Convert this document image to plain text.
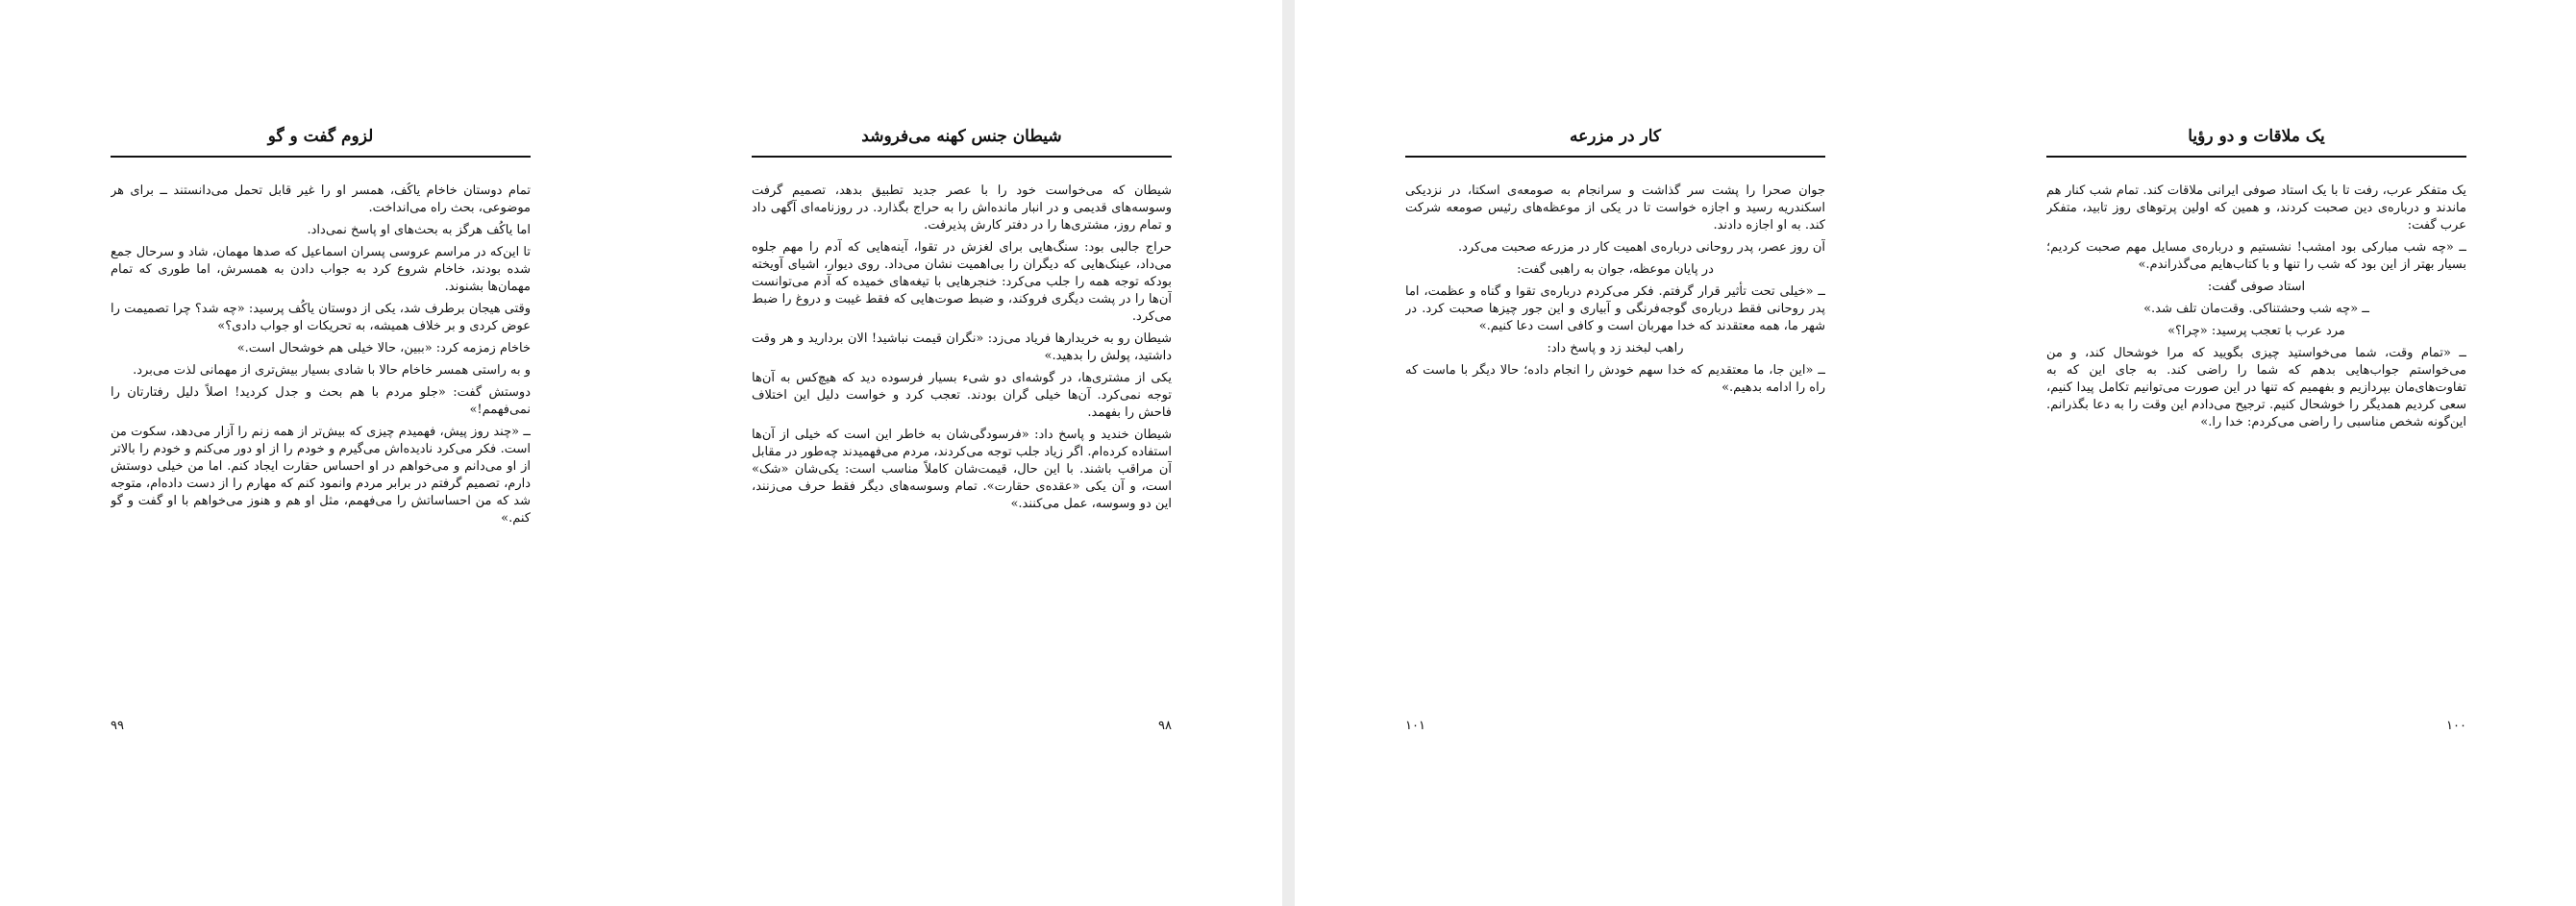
لزوم گفت و گو

تمام دوستان خاخام یاکُف، همسر او را غیر قابل تحمل می‌دانستند ــ برای هر موضوعی، بحث راه می‌انداخت.

اما یاکُف هرگز به بحث‌های او پاسخ نمی‌داد.

تا این‌که در مراسم عروسی پسران اسماعیل که صدها مهمان، شاد و سرحال جمع شده بودند، خاخام شروع کرد به جواب دادن به همسرش، اما طوری که تمام مهمان‌ها بشنوند.

وقتی هیجان برطرف شد، یکی از دوستان یاکُف پرسید: «چه شد؟ چرا تصمیمت را عوض کردی و بر خلاف همیشه، به تحریکات او جواب دادی؟»

خاخام زمزمه کرد: «ببین، حالا خیلی هم خوشحال است.»

و به راستی همسر خاخام حالا با شادی بسیار بیش‌تری از مهمانی لذت می‌برد.

دوستش گفت: «جلو مردم با هم بحث و جدل کردید! اصلاً دلیل رفتارتان را نمی‌فهمم!»

ــ «چند روز پیش، فهمیدم چیزی که بیش‌تر از همه زنم را آزار می‌دهد، سکوت من است. فکر می‌کرد نادیده‌اش می‌گیرم و خودم را از او دور می‌کنم و خودم را بالاتر از او می‌دانم و می‌خواهم در او احساس حقارت ایجاد کنم. اما من خیلی دوستش دارم، تصمیم گرفتم در برابر مردم وانمود کنم که مهارم را از دست داده‌ام، متوجه شد که من احساساتش را می‌فهمم، مثل او هم و هنوز می‌خواهم با او گفت و گو کنم.»

۹۹
شیطان جنس کهنه می‌فروشد

شیطان که می‌خواست خود را با عصر جدید تطبیق بدهد، تصمیم گرفت وسوسه‌های قدیمی و در انبار مانده‌اش را به حراج بگذارد. در روزنامه‌ای آگهی داد و تمام روز، مشتری‌ها را در دفتر کارش پذیرفت.

حراج جالبی بود: سنگ‌هایی برای لغزش در تقوا، آینه‌هایی که آدم را مهم جلوه می‌داد، عینک‌هایی که دیگران را بی‌اهمیت نشان می‌داد. روی دیوار، اشیای آویخته بودکه توجه همه را جلب می‌کرد: خنجرهایی با تیغه‌های خمیده که آدم می‌توانست آن‌ها را در پشت دیگری فروکند، و ضبط صوت‌هایی که فقط غیبت و دروغ را ضبط می‌کرد.

شیطان رو به خریدارها فریاد می‌زد: «نگران قیمت نباشید! الان بردارید و هر وقت داشتید، پولش را بدهید.»

یکی از مشتری‌ها، در گوشه‌ای دو شیء بسیار فرسوده دید که هیچ‌کس به آن‌ها توجه نمی‌کرد. آن‌ها خیلی گران بودند. تعجب کرد و خواست دلیل این اختلاف فاحش را بفهمد.

شیطان خندید و پاسخ داد: «فرسودگی‌شان به خاطر این است که خیلی از آن‌ها استفاده کرده‌ام. اگر زیاد جلب توجه می‌کردند، مردم می‌فهمیدند چه‌طور در مقابل آن مراقب باشند. با این حال، قیمت‌شان کاملاً مناسب است: یکی‌شان «شک» است، و آن یکی «عقده‌ی حقارت». تمام وسوسه‌های دیگر فقط حرف می‌زنند، این دو وسوسه، عمل می‌کنند.»

۹۸
کار در مزرعه

جوان صحرا را پشت سر گذاشت و سرانجام به صومعه‌ی اسکتا، در نزدیکی اسکندریه رسید و اجازه خواست تا در یکی از موعظه‌های رئیس صومعه شرکت کند. به او اجازه دادند.

آن روز عصر، پدر روحانی درباره‌ی اهمیت کار در مزرعه صحبت می‌کرد.

در پایان موعظه، جوان به راهبی گفت:

ــ «خیلی تحت تأثیر قرار گرفتم. فکر می‌کردم درباره‌ی تقوا و گناه و عظمت، اما پدر روحانی فقط درباره‌ی گوجه‌فرنگی و آبیاری و این جور چیزها صحبت کرد. در شهر ما، همه معتقدند که خدا مهربان است و کافی است دعا کنیم.»

راهب لبخند زد و پاسخ داد:

ــ «این جا، ما معتقدیم که خدا سهم خودش را انجام داده؛ حالا دیگر با ماست که راه را ادامه بدهیم.»

۱۰۱
یک ملاقات و دو رؤیا

یک متفکر عرب، رفت تا با یک استاد صوفی ایرانی ملاقات کند. تمام شب کنار هم ماندند و درباره‌ی دین صحبت کردند، و همین که اولین پرتوهای روز تابید، متفکر عرب گفت:

ــ «چه شب مبارکی بود امشب! نشستیم و درباره‌ی مسایل مهم صحبت کردیم؛ بسیار بهتر از این بود که شب را تنها و با کتاب‌هایم می‌گذراندم.»

استاد صوفی گفت:

ــ «چه شب وحشتناکی. وقت‌مان تلف شد.»

مرد عرب با تعجب پرسید: «چرا؟»

ــ «تمام وقت، شما می‌خواستید چیزی بگویید که مرا خوشحال کند، و من می‌خواستم جواب‌هایی بدهم که شما را راضی کند. به جای این که به تفاوت‌های‌مان بپردازیم و بفهمیم که تنها در این صورت می‌توانیم تکامل پیدا کنیم، سعی کردیم همدیگر را خوشحال کنیم. ترجیح می‌دادم این وقت را به دعا بگذرانم. این‌گونه شخص مناسبی را راضی می‌کردم: خدا را.»

۱۰۰
